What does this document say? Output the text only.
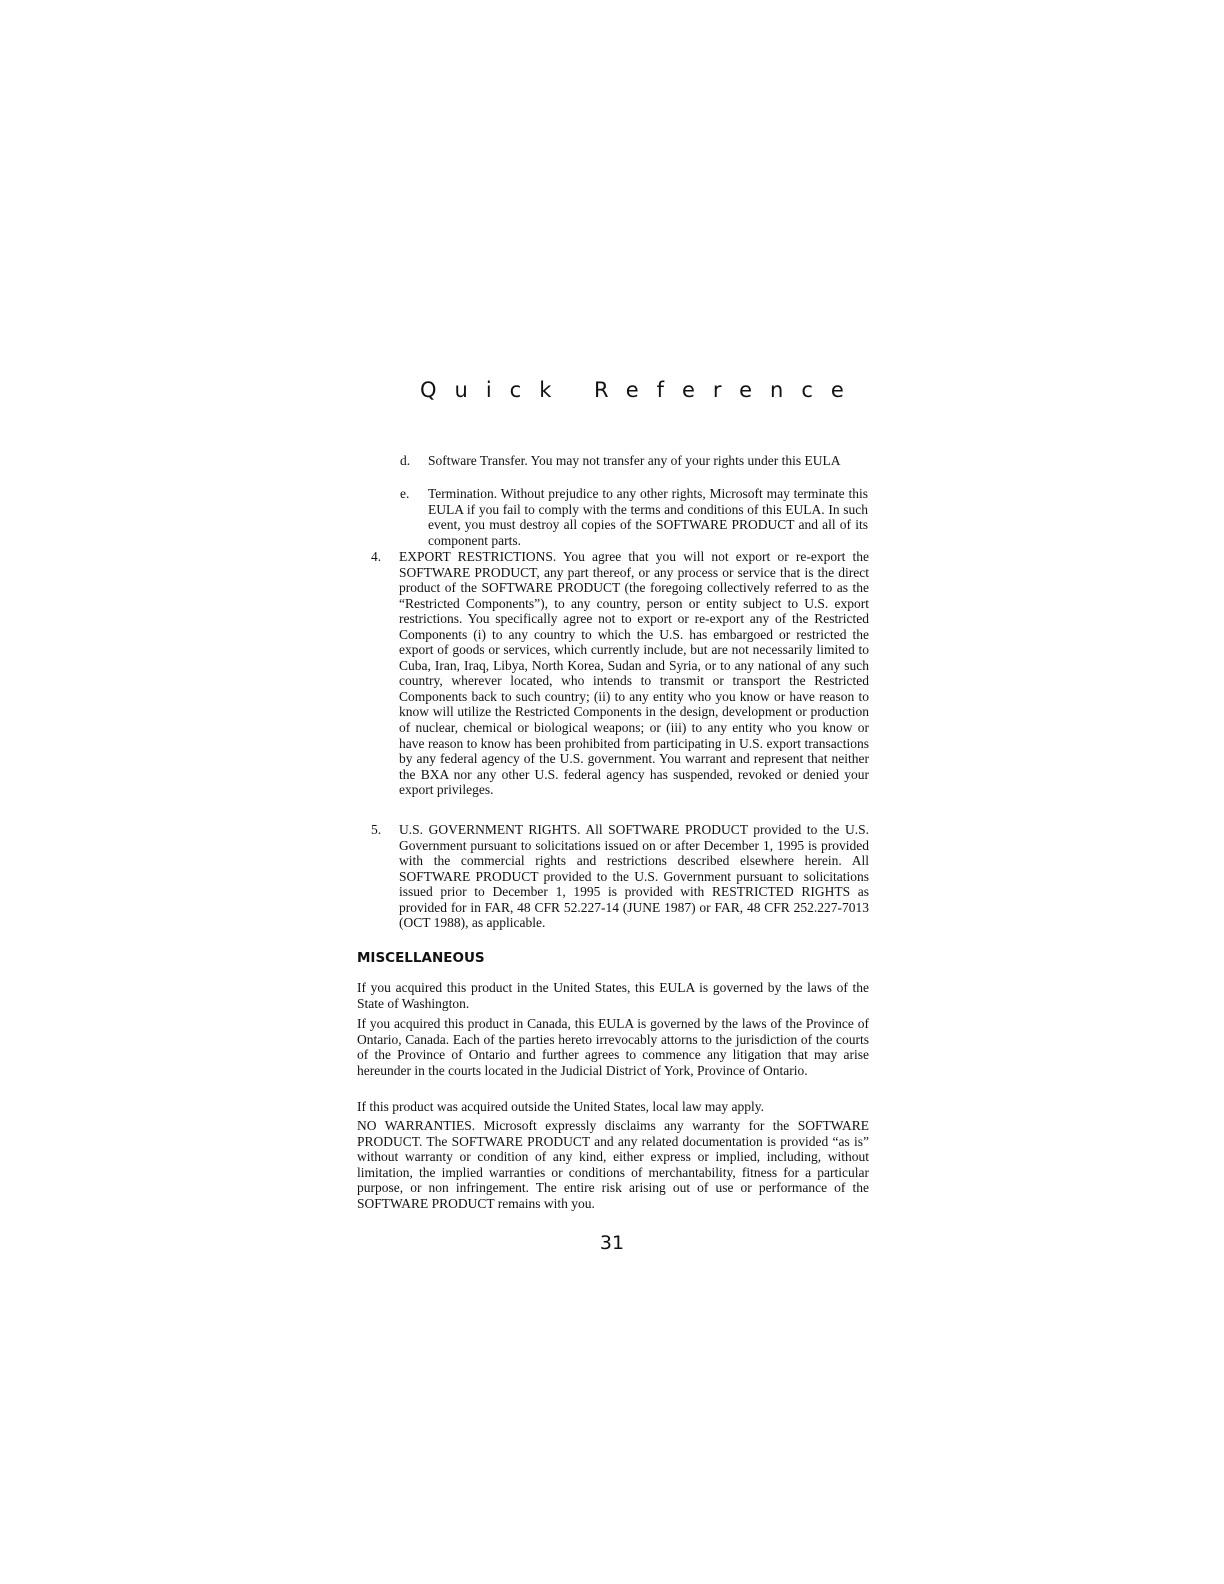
Quick Reference
d. Software Transfer. You may not transfer any of your rights under this EULA

e. Termination. Without prejudice to any other rights, Microsoft may terminate this EULA if you fail to comply with the terms and conditions of this EULA. In such event, you must destroy all copies of the SOFTWARE PRODUCT and all of its component parts.

4. EXPORT RESTRICTIONS. You agree that you will not export or re-export the SOFTWARE PRODUCT, any part thereof, or any process or service that is the direct product of the SOFTWARE PRODUCT (the foregoing collectively referred to as the “Restricted Components”), to any country, person or entity subject to U.S. export restrictions. You specifically agree not to export or re-export any of the Restricted Components (i) to any country to which the U.S. has embargoed or restricted the export of goods or services, which currently include, but are not necessarily limited to Cuba, Iran, Iraq, Libya, North Korea, Sudan and Syria, or to any national of any such country, wherever located, who intends to transmit or transport the Restricted Components back to such country; (ii) to any entity who you know or have reason to know will utilize the Restricted Components in the design, development or production of nuclear, chemical or biological weapons; or (iii) to any entity who you know or have reason to know has been prohibited from participating in U.S. export transactions by any federal agency of the U.S. government. You warrant and represent that neither the BXA nor any other U.S. federal agency has suspended, revoked or denied your export privileges.

5. U.S. GOVERNMENT RIGHTS. All SOFTWARE PRODUCT provided to the U.S. Government pursuant to solicitations issued on or after December 1, 1995 is provided with the commercial rights and restrictions described elsewhere herein. All SOFTWARE PRODUCT provided to the U.S. Government pursuant to solicitations issued prior to December 1, 1995 is provided with RESTRICTED RIGHTS as provided for in FAR, 48 CFR 52.227-14 (JUNE 1987) or FAR, 48 CFR 252.227-7013 (OCT 1988), as applicable.

MISCELLANEOUS

If you acquired this product in the United States, this EULA is governed by the laws of the State of Washington.

If you acquired this product in Canada, this EULA is governed by the laws of the Province of Ontario, Canada. Each of the parties hereto irrevocably attorns to the jurisdiction of the courts of the Province of Ontario and further agrees to commence any litigation that may arise hereunder in the courts located in the Judicial District of York, Province of Ontario.

If this product was acquired outside the United States, local law may apply.

NO WARRANTIES. Microsoft expressly disclaims any warranty for the SOFTWARE PRODUCT. The SOFTWARE PRODUCT and any related documentation is provided “as is” without warranty or condition of any kind, either express or implied, including, without limitation, the implied warranties or conditions of merchantability, fitness for a particular purpose, or non infringement. The entire risk arising out of use or performance of the SOFTWARE PRODUCT remains with you.

31
